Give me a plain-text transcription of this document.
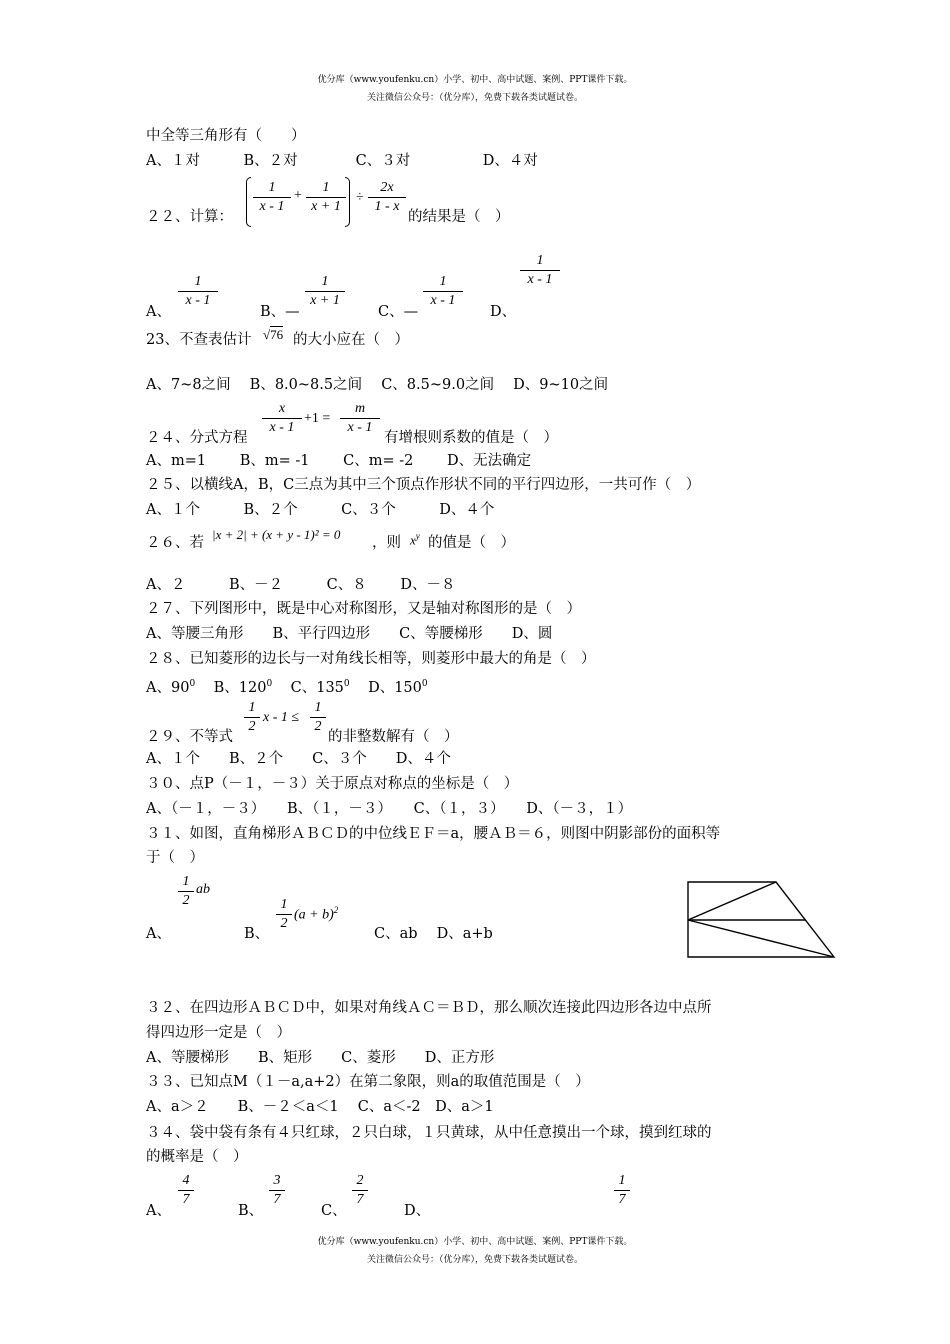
优分库（www.youfenku.cn）小学、初中、高中试题、案例、PPT课件下载。
关注微信公众号：（优分库），免费下载各类试题试卷。
中全等三角形有（　　）
A、１对　　　B、２对　　　　C、３对　　　　　D、４对
２２、计算：
$\frac{1}{x - 1} + \frac{1}{x + 1} \div \frac{2x}{1 - x}$
的结果是（　）
A、
$\frac{1}{x - 1}$
B、—
$\frac{1}{x + 1}$
C、—
$\frac{1}{x - 1}$
D、
$\frac{1}{x - 1}$
23、不查表估计 √76 的大小应在（　）
A、7~8之间　 B、8.0~8.5之间　 C、8.5~9.0之间　 D、9~10之间
２４、分式方程
$\frac{x}{x - 1} +1 = \frac{m}{x - 1}$
有增根则系数的值是（　）
A、m=1　　 B、m= -1　　 C、m= -2　　 D、无法确定
２５、以横线A，B，C三点为其中三个顶点作形状不同的平行四边形，一共可作（　）
A、１个　　　B、２个　　　C、３个　　　D、４个
２６、若
|x + 2| + (x + y - 1)² = 0
，则 $x^y$ 的值是（　）
A、２　　　B、－２　　　C、８　　 D、－８
２７、下列图形中，既是中心对称图形，又是轴对称图形的是（　）
A、等腰三角形　　B、平行四边形　　C、等腰梯形　　D、圆
２８、已知菱形的边长与一对角线长相等，则菱形中最大的角是（　）
A、$90^0$ B、$120^0$ C、$135^0$ D、$150^0$
２９、不等式
$\frac{1}{2}$ $x - 1 \le \frac{1}{2}$
的非整数解有（　）
A、１个　　B、２个　　C、３个　　D、４个
３０、点P（－１，－３）关于原点对称点的坐标是（　）
A、（－１，－３）　　B、（１，－３）　　C、（１，３）　　D、（－３，１）
３１、如图，直角梯形ＡＢＣＤ的中位线ＥＦ＝a，腰ＡＢ＝６，则图中阴影部份的面积等
于（　）
$\frac{1}{2}$ ab
A、	B、
$\frac{1}{2} (a + b)^2$
C、ab　 D、a+b
３２、在四边形ＡＢＣＤ中，如果对角线ＡＣ＝ＢＤ，那么顺次连接此四边形各边中点所
得四边形一定是（　）
A、等腰梯形　　B、矩形　　C、菱形　　D、正方形
３３、已知点M（１－a,a+2）在第二象限，则a的取值范围是（　）
A、a＞２　　B、－２＜a＜1　 C、a＜-2　D、a＞1
３４、袋中袋有条有４只红球，２只白球，１只黄球，从中任意摸出一个球，摸到红球的
的概率是（　）
A、
$\frac{4}{7}$
B、
$\frac{3}{7}$
C、
$\frac{2}{7}$
D、
$\frac{1}{7}$
优分库（www.youfenku.cn）小学、初中、高中试题、案例、PPT课件下载。
关注微信公众号：（优分库），免费下载各类试题试卷。
